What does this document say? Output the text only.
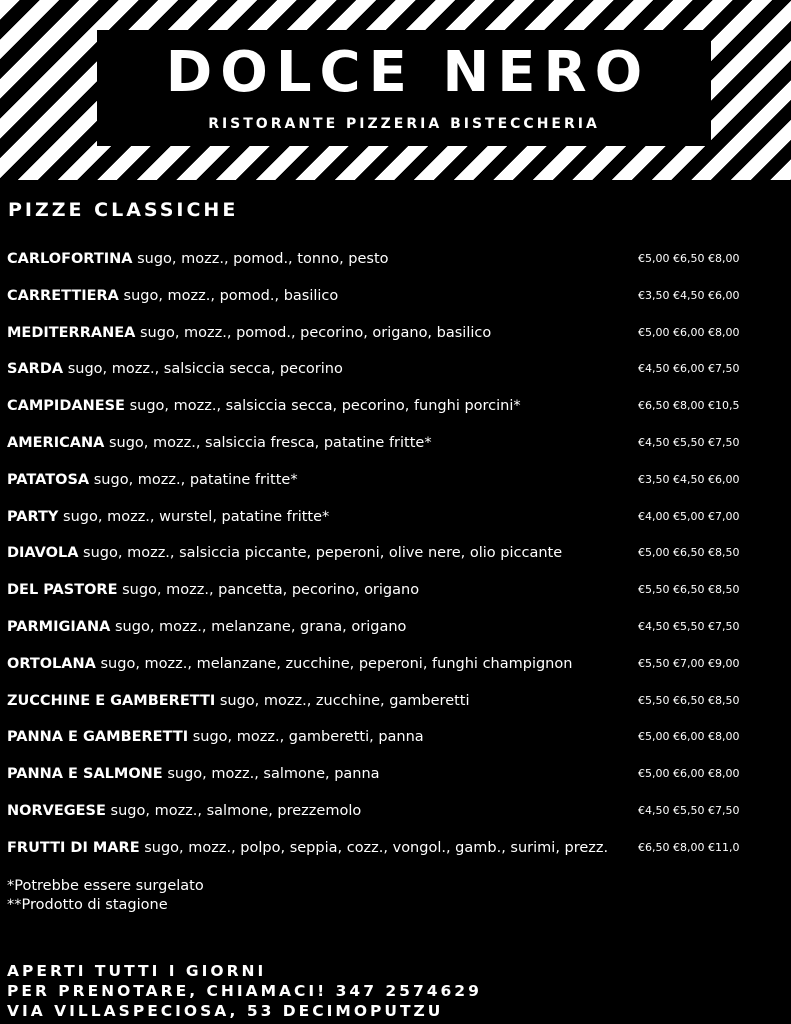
DOLCE NERO
RISTORANTE PIZZERIA BISTECCHERIA
PIZZE CLASSICHE
CARLOFORTINA sugo, mozz., pomod., tonno, pesto	€5,00 €6,50 €8,00
CARRETTIERA sugo, mozz., pomod., basilico	€3,50 €4,50 €6,00
MEDITERRANEA sugo, mozz., pomod., pecorino, origano, basilico	€5,00 €6,00 €8,00
SARDA sugo, mozz., salsiccia secca, pecorino	€4,50 €6,00 €7,50
CAMPIDANESE sugo, mozz., salsiccia secca, pecorino, funghi porcini*	€6,50 €8,00 €10,5
AMERICANA sugo, mozz., salsiccia fresca, patatine fritte*	€4,50 €5,50 €7,50
PATATOSA sugo, mozz., patatine fritte*	€3,50 €4,50 €6,00
PARTY sugo, mozz., wurstel, patatine fritte*	€4,00 €5,00 €7,00
DIAVOLA sugo, mozz., salsiccia piccante, peperoni, olive nere, olio piccante	€5,00 €6,50 €8,50
DEL PASTORE sugo, mozz., pancetta, pecorino, origano	€5,50 €6,50 €8,50
PARMIGIANA sugo, mozz., melanzane, grana, origano	€4,50 €5,50 €7,50
ORTOLANA sugo, mozz., melanzane, zucchine, peperoni, funghi champignon	€5,50 €7,00 €9,00
ZUCCHINE E GAMBERETTI sugo, mozz., zucchine, gamberetti	€5,50 €6,50 €8,50
PANNA E GAMBERETTI sugo, mozz., gamberetti, panna	€5,00 €6,00 €8,00
PANNA E SALMONE sugo, mozz., salmone, panna	€5,00 €6,00 €8,00
NORVEGESE sugo, mozz., salmone, prezzemolo	€4,50 €5,50 €7,50
FRUTTI DI MARE sugo, mozz., polpo, seppia, cozz., vongol., gamb., surimi, prezz.	€6,50 €8,00 €11,0
*Potrebbe essere surgelato
**Prodotto di stagione
APERTI TUTTI I GIORNI
PER PRENOTARE, CHIAMACI! 347 2574629
VIA VILLASPECIOSA, 53 DECIMOPUTZU
